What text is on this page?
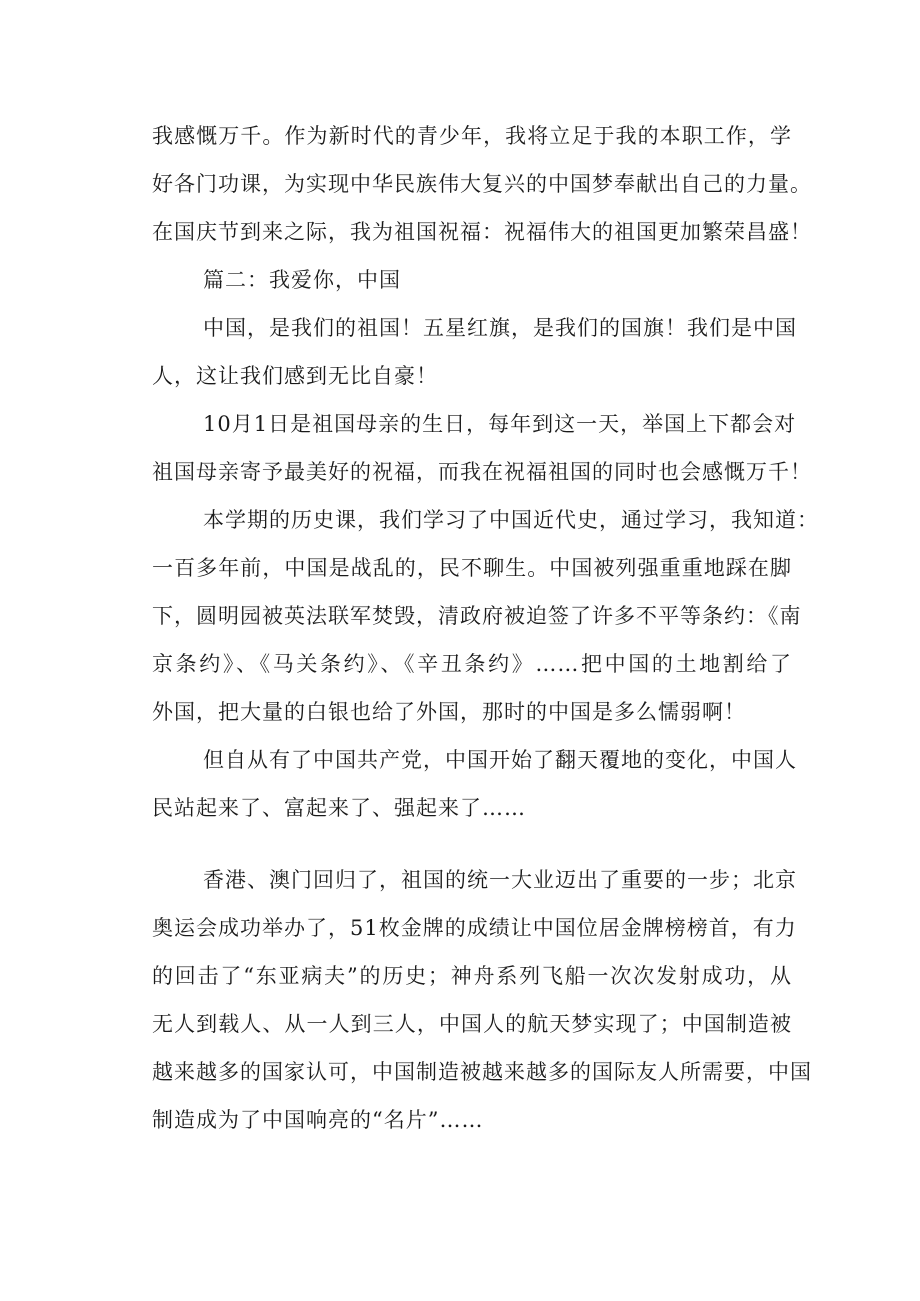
我感慨万千。作为新时代的青少年，我将立足于我的本职工作，学
好各门功课，为实现中华民族伟大复兴的中国梦奉献出自己的力量。
在国庆节到来之际，我为祖国祝福：祝福伟大的祖国更加繁荣昌盛！
篇二：我爱你，中国
中国，是我们的祖国！五星红旗，是我们的国旗！我们是中国
人，这让我们感到无比自豪！
10月1日是祖国母亲的生日，每年到这一天，举国上下都会对
祖国母亲寄予最美好的祝福，而我在祝福祖国的同时也会感慨万千！
本学期的历史课，我们学习了中国近代史，通过学习，我知道：
一百多年前，中国是战乱的，民不聊生。中国被列强重重地踩在脚
下，圆明园被英法联军焚毁，清政府被迫签了许多不平等条约：《南
京条约》、《马关条约》、《辛丑条约》……把中国的土地割给了
外国，把大量的白银也给了外国，那时的中国是多么懦弱啊！
但自从有了中国共产党，中国开始了翻天覆地的变化，中国人
民站起来了、富起来了、强起来了……
香港、澳门回归了，祖国的统一大业迈出了重要的一步；北京
奥运会成功举办了，51枚金牌的成绩让中国位居金牌榜榜首，有力
的回击了“东亚病夫”的历史；神舟系列飞船一次次发射成功，从
无人到载人、从一人到三人，中国人的航天梦实现了；中国制造被
越来越多的国家认可，中国制造被越来越多的国际友人所需要，中国
制造成为了中国响亮的“名片”……
